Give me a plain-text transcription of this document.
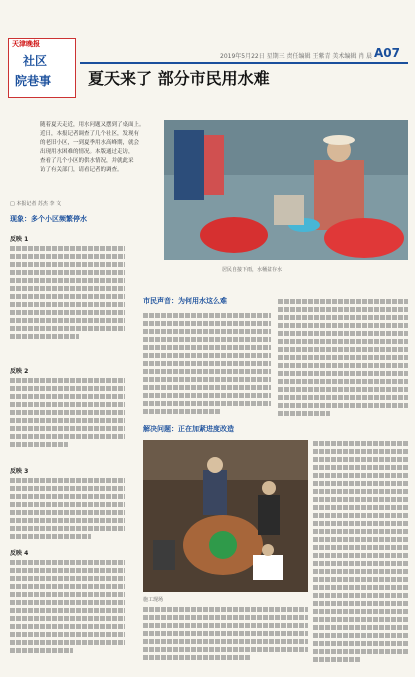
天津晚报
社区
院巷事
2019年5月22日 星期三 责任编辑 王紫青 美术编辑 肖 晨 A07
夏天来了 部分市民用水难
随着夏天走近，用水问题又摆到了桌面上。
近日，本报记者调查了几个社区，发现有
的老旧小区，一到夏季用水高峰期，就会
出现用水困难的情况。本版通过走访，
查看了几个小区的供水情况，并就此采
访了有关部门，请看记者的调查。
居民自接下雨，水桶盆存水
□ 本报记者 苏杰 李 文
现象：多个小区频繁停水
反映 1
反映 2
反映 3
反映 4
市民声音：为何用水这么难
解决问题：正在加紧进度改造
施工现场
